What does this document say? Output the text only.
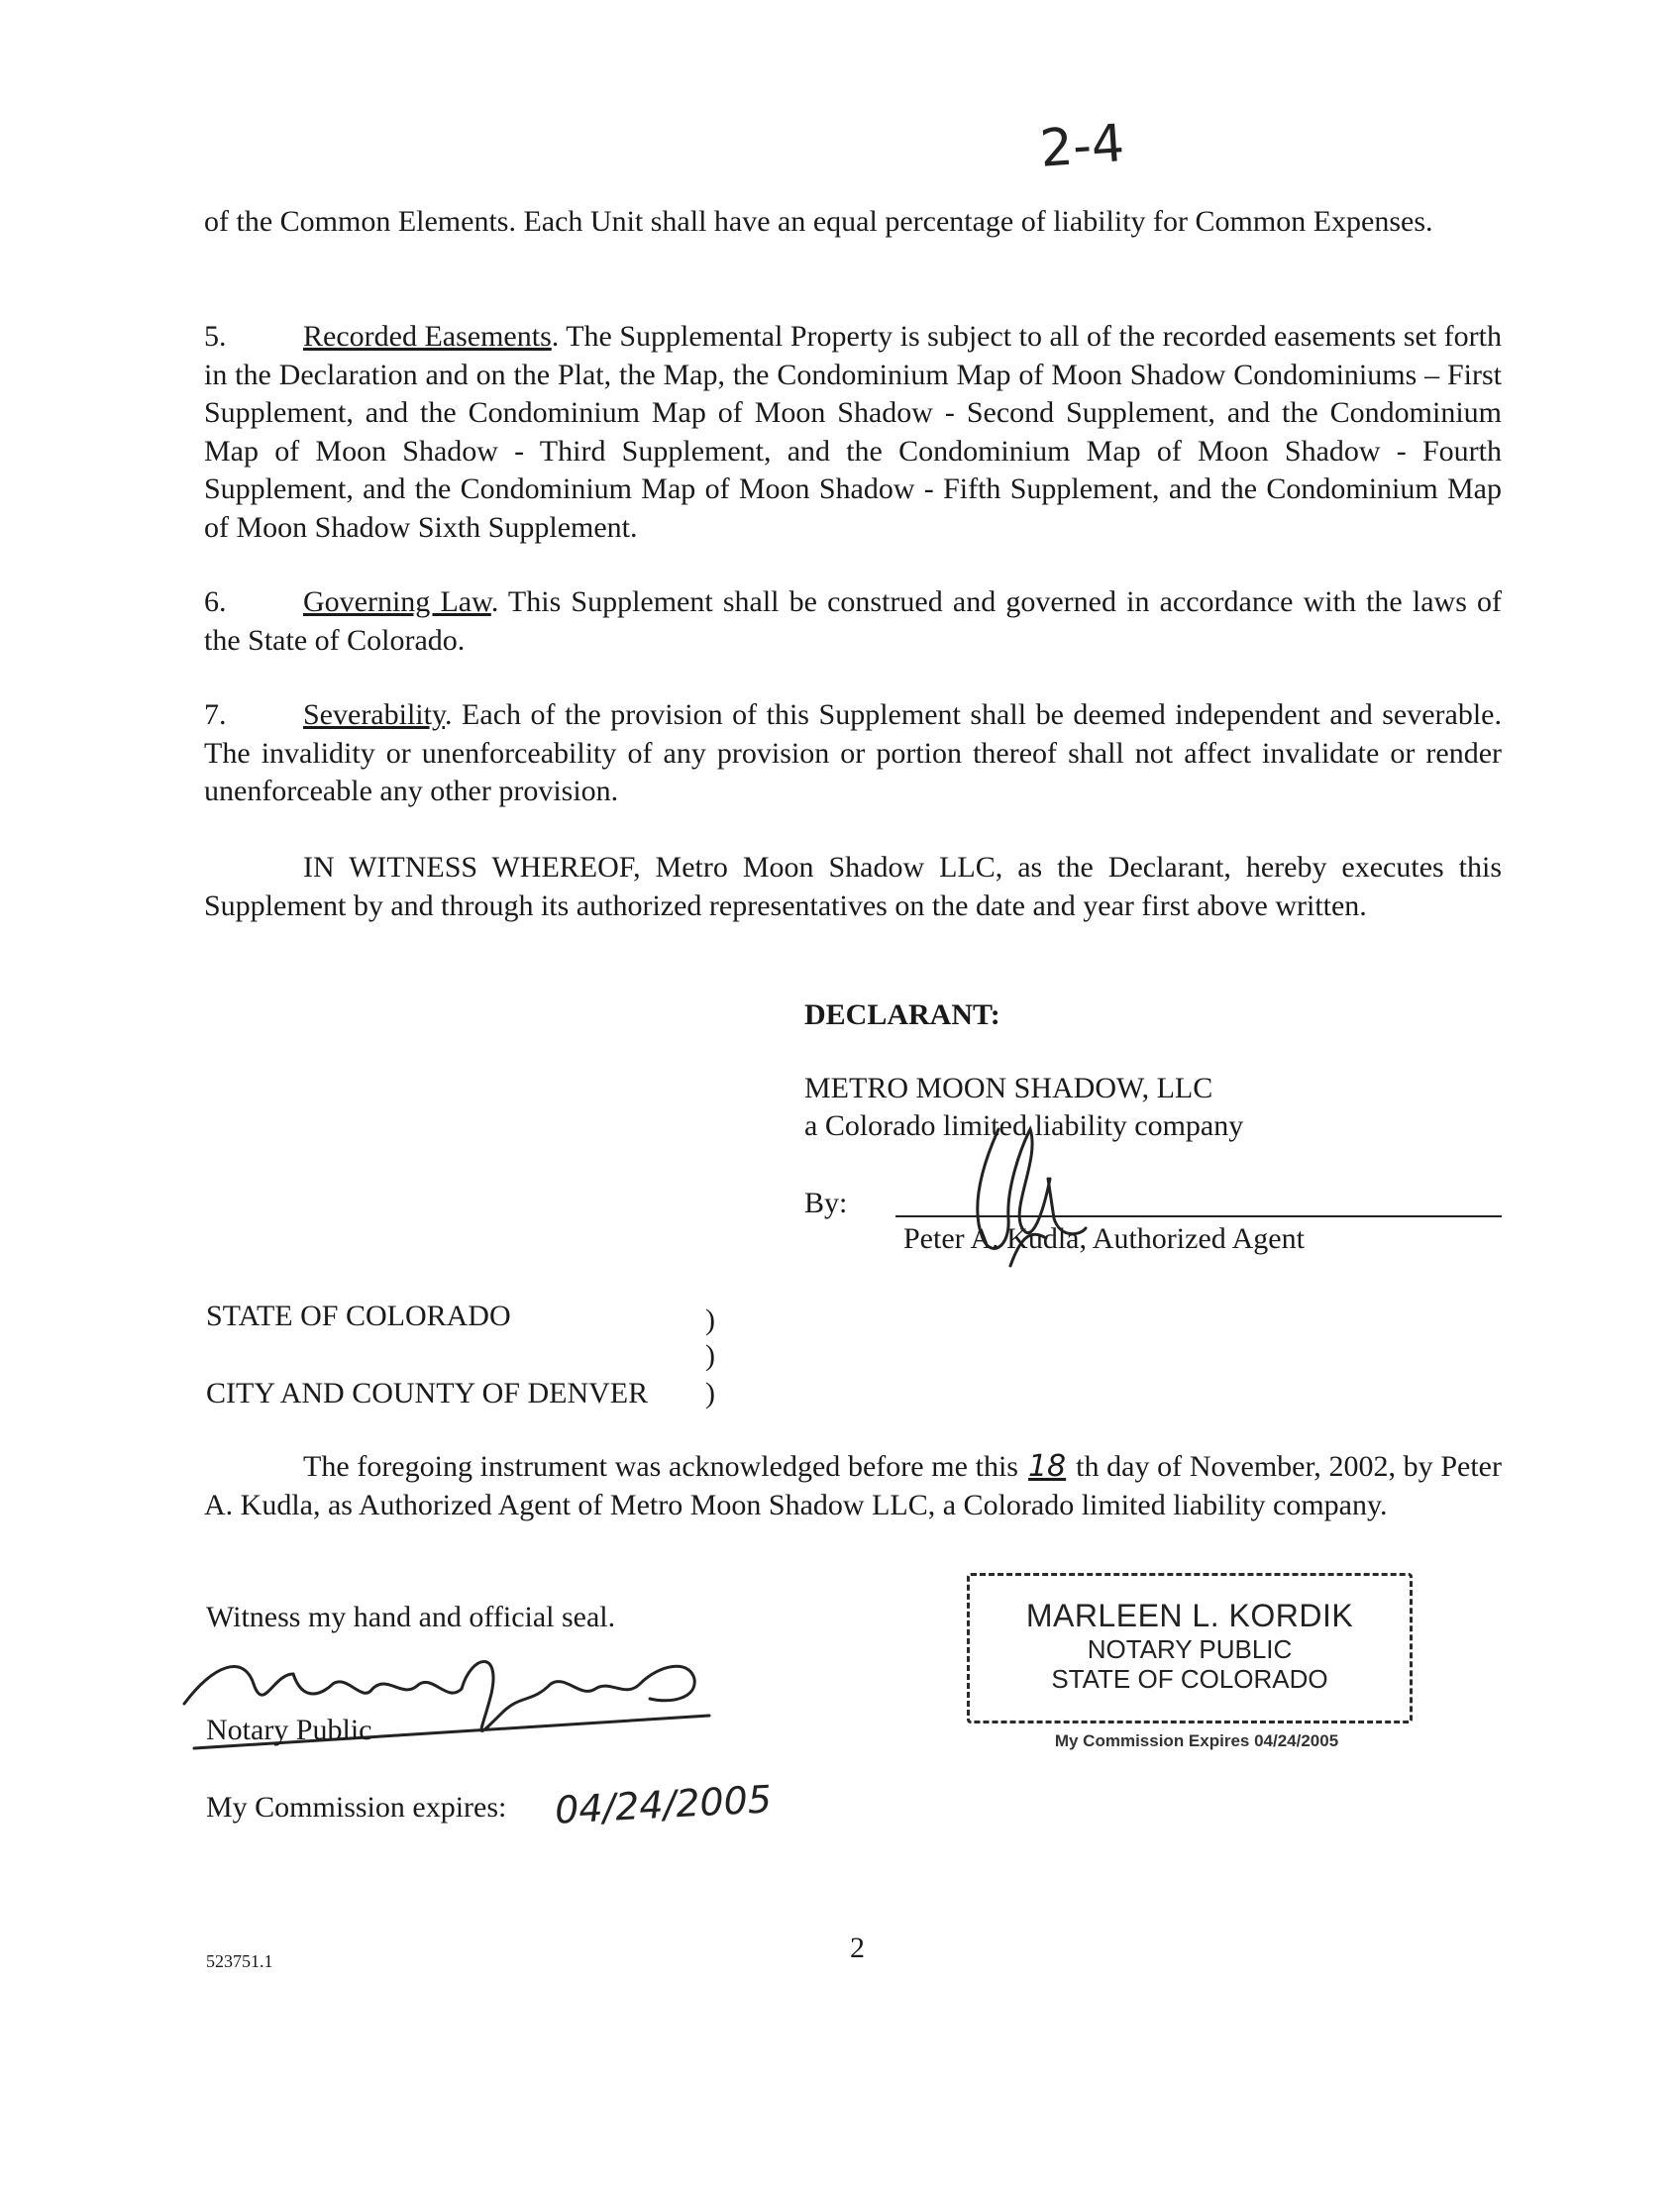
2-4

of the Common Elements. Each Unit shall have an equal percentage of liability for Common Expenses.

5.	Recorded Easements. The Supplemental Property is subject to all of the recorded easements set forth in the Declaration and on the Plat, the Map, the Condominium Map of Moon Shadow Condominiums – First Supplement, and the Condominium Map of Moon Shadow - Second Supplement, and the Condominium Map of Moon Shadow - Third Supplement, and the Condominium Map of Moon Shadow - Fourth Supplement, and the Condominium Map of Moon Shadow - Fifth Supplement, and the Condominium Map of Moon Shadow Sixth Supplement.

6.	Governing Law. This Supplement shall be construed and governed in accordance with the laws of the State of Colorado.

7.	Severability. Each of the provision of this Supplement shall be deemed independent and severable. The invalidity or unenforceability of any provision or portion thereof shall not affect invalidate or render unenforceable any other provision.

IN WITNESS WHEREOF, Metro Moon Shadow LLC, as the Declarant, hereby executes this Supplement by and through its authorized representatives on the date and year first above written.

DECLARANT:
METRO MOON SHADOW, LLC
a Colorado limited liability company
By:
Peter A. Kudla, Authorized Agent
STATE OF COLORADO	)
)
CITY AND COUNTY OF DENVER )

The foregoing instrument was acknowledged before me this 18 th day of November, 2002, by Peter A. Kudla, as Authorized Agent of Metro Moon Shadow LLC, a Colorado limited liability company.

Witness my hand and official seal.
Notary Public
My Commission expires: 04/24/2005
MARLEEN L. KORDIK
NOTARY PUBLIC
STATE OF COLORADO
My Commission Expires 04/24/2005
523751.1	2
